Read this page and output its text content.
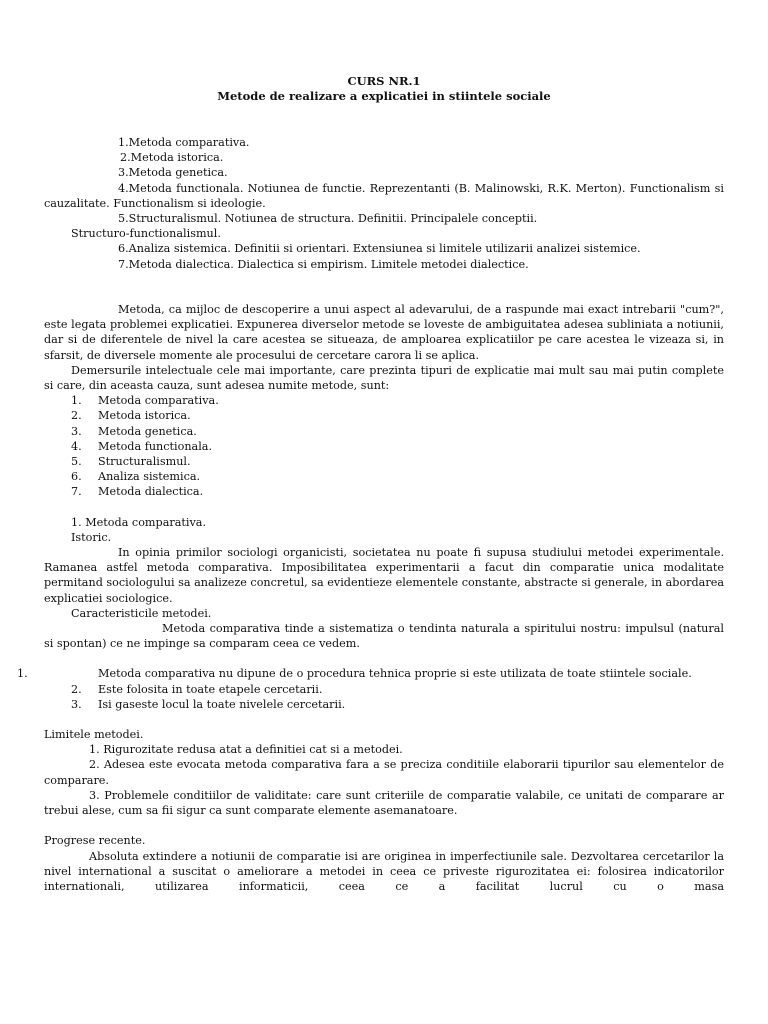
CURS NR.1
Metode de realizare a explicatiei in stiintele sociale
1.Metoda comparativa.
2.Metoda istorica.
3.Metoda genetica.
4.Metoda functionala. Notiunea de functie. Reprezentanti (B. Malinowski, R.K. Merton). Functionalism si cauzalitate. Functionalism si ideologie.
5.Structuralismul. Notiunea de structura. Definitii. Principalele conceptii.
Structuro-functionalismul.
6.Analiza sistemica. Definitii si orientari. Extensiunea si limitele utilizarii analizei sistemice.
7.Metoda dialectica. Dialectica si empirism. Limitele metodei dialectice.

Metoda, ca mijloc de descoperire a unui aspect al adevarului, de a raspunde mai exact intrebarii "cum?", este legata problemei explicatiei. Expunerea diverselor metode se loveste de ambiguitatea adesea subliniata a notiunii, dar si de diferentele de nivel la care acestea se situeaza, de amploarea explicatiilor pe care acestea le vizeaza si, in sfarsit, de diversele momente ale procesului de cercetare carora li se aplica.

Demersurile intelectuale cele mai importante, care prezinta tipuri de explicatie mai mult sau mai putin complete si care, din aceasta cauza, sunt adesea numite metode, sunt:

1. Metoda comparativa.
2. Metoda istorica.
3. Metoda genetica.
4. Metoda functionala.
5. Structuralismul.
6. Analiza sistemica.
7. Metoda dialectica.

1. Metoda comparativa.

Istoric.

In opinia primilor sociologi organicisti, societatea nu poate fi supusa studiului metodei experimentale. Ramanea astfel metoda comparativa. Imposibilitatea experimentarii a facut din comparatie unica modalitate permitand sociologului sa analizeze concretul, sa evidentieze elementele constante, abstracte si generale, in abordarea explicatiei sociologice.

Caracteristicile metodei.

Metoda comparativa tinde a sistematiza o tendinta naturala a spiritului nostru: impulsul (natural si spontan) ce ne impinge sa comparam ceea ce vedem.

1.	Metoda comparativa nu dipune de o procedura tehnica proprie si este utilizata de toate stiintele sociale.
2. Este folosita in toate etapele cercetarii.
3. Isi gaseste locul la toate nivelele cercetarii.

Limitele metodei.

1. Rigurozitate redusa atat a definitiei cat si a metodei.

2. Adesea este evocata metoda comparativa fara a se preciza conditiile elaborarii tipurilor sau elementelor de comparare.

3. Problemele conditiilor de validitate: care sunt criteriile de comparatie valabile, ce unitati de comparare ar trebui alese, cum sa fii sigur ca sunt comparate elemente asemanatoare.

Progrese recente.

Absoluta extindere a notiunii de comparatie isi are originea in imperfectiunile sale. Dezvoltarea cercetarilor la nivel international a suscitat o ameliorare a metodei in ceea ce priveste rigurozitatea ei: folosirea indicatorilor internationali, utilizarea informaticii, ceea ce a facilitat lucrul cu o masa
